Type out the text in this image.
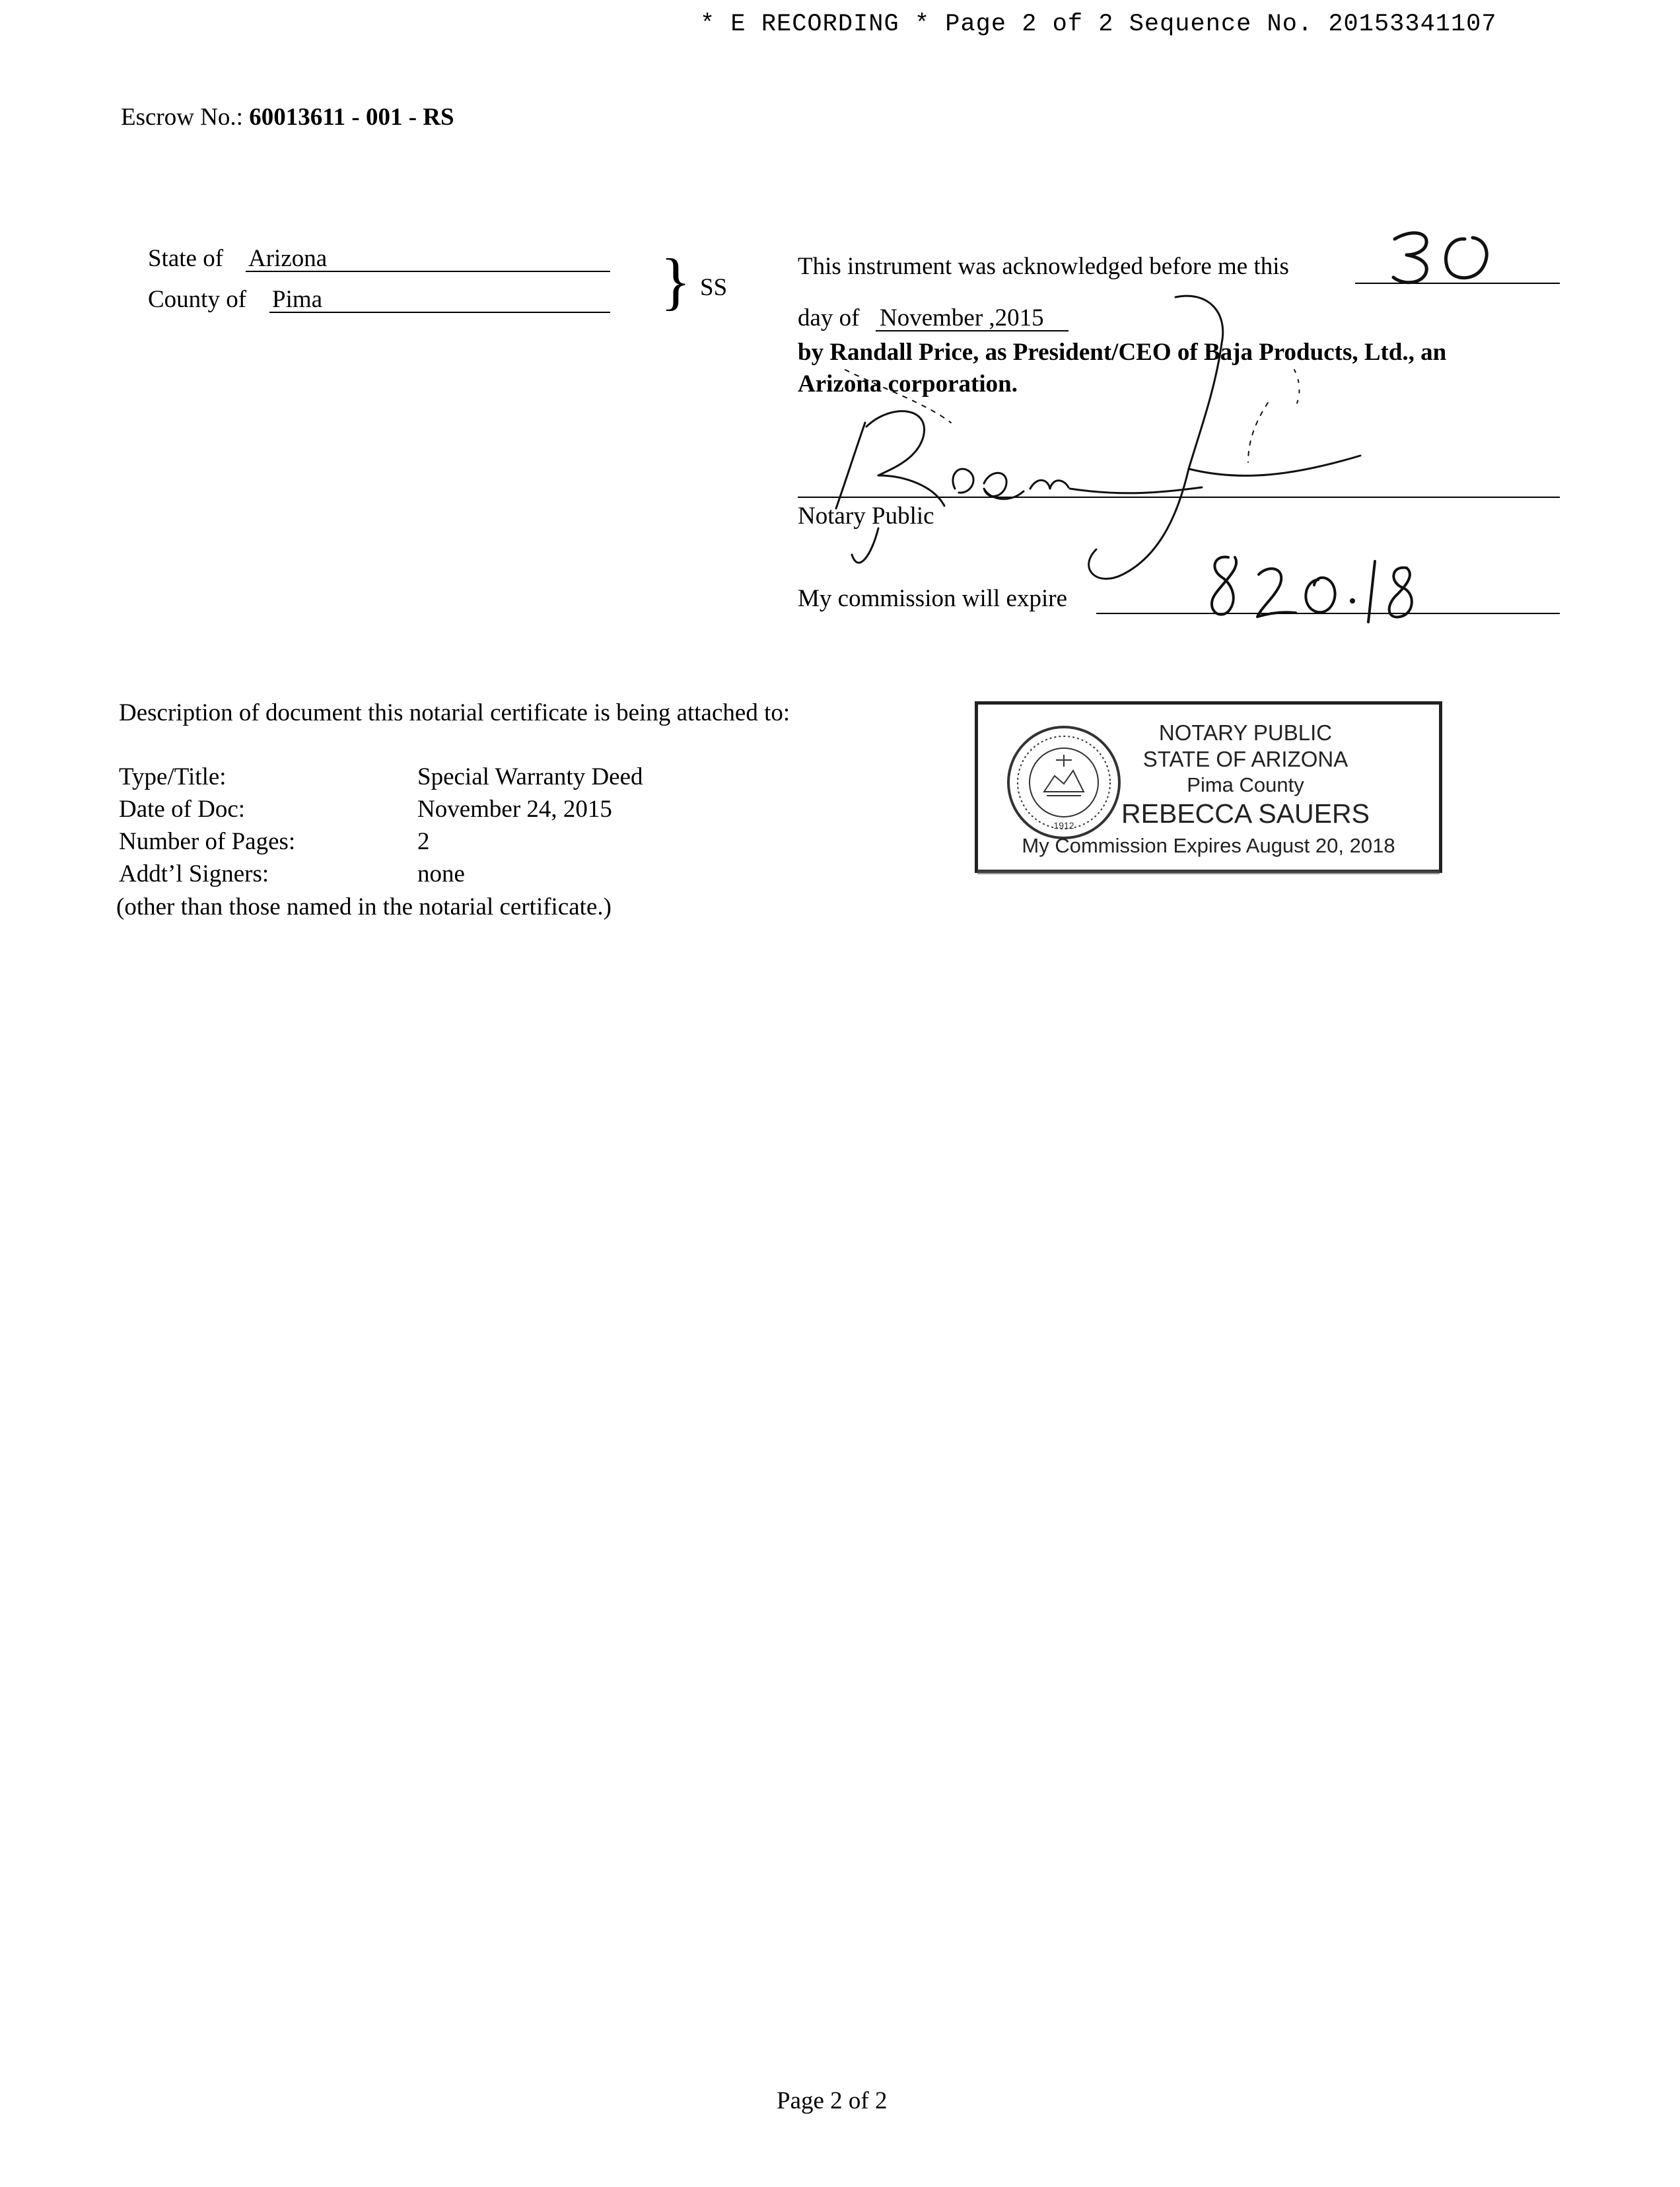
* E RECORDING * Page 2 of 2 Sequence No. 20153341107
Escrow No.: 60013611 - 001 - RS
State of Arizona
County of Pima	} SS
This instrument was acknowledged before me this
day of November ,2015
by Randall Price, as President/CEO of Baja Products, Ltd., an
Arizona corporation.
Notary Public
My commission will expire
Description of document this notarial certificate is being attached to:
Type/Title:	Special Warranty Deed
Date of Doc:	November 24, 2015
Number of Pages:	2
Addt’l Signers:	none
(other than those named in the notarial certificate.)
1912
NOTARY PUBLIC
STATE OF ARIZONA
Pima County
REBECCA SAUERS
My Commission Expires August 20, 2018
Page 2 of 2
